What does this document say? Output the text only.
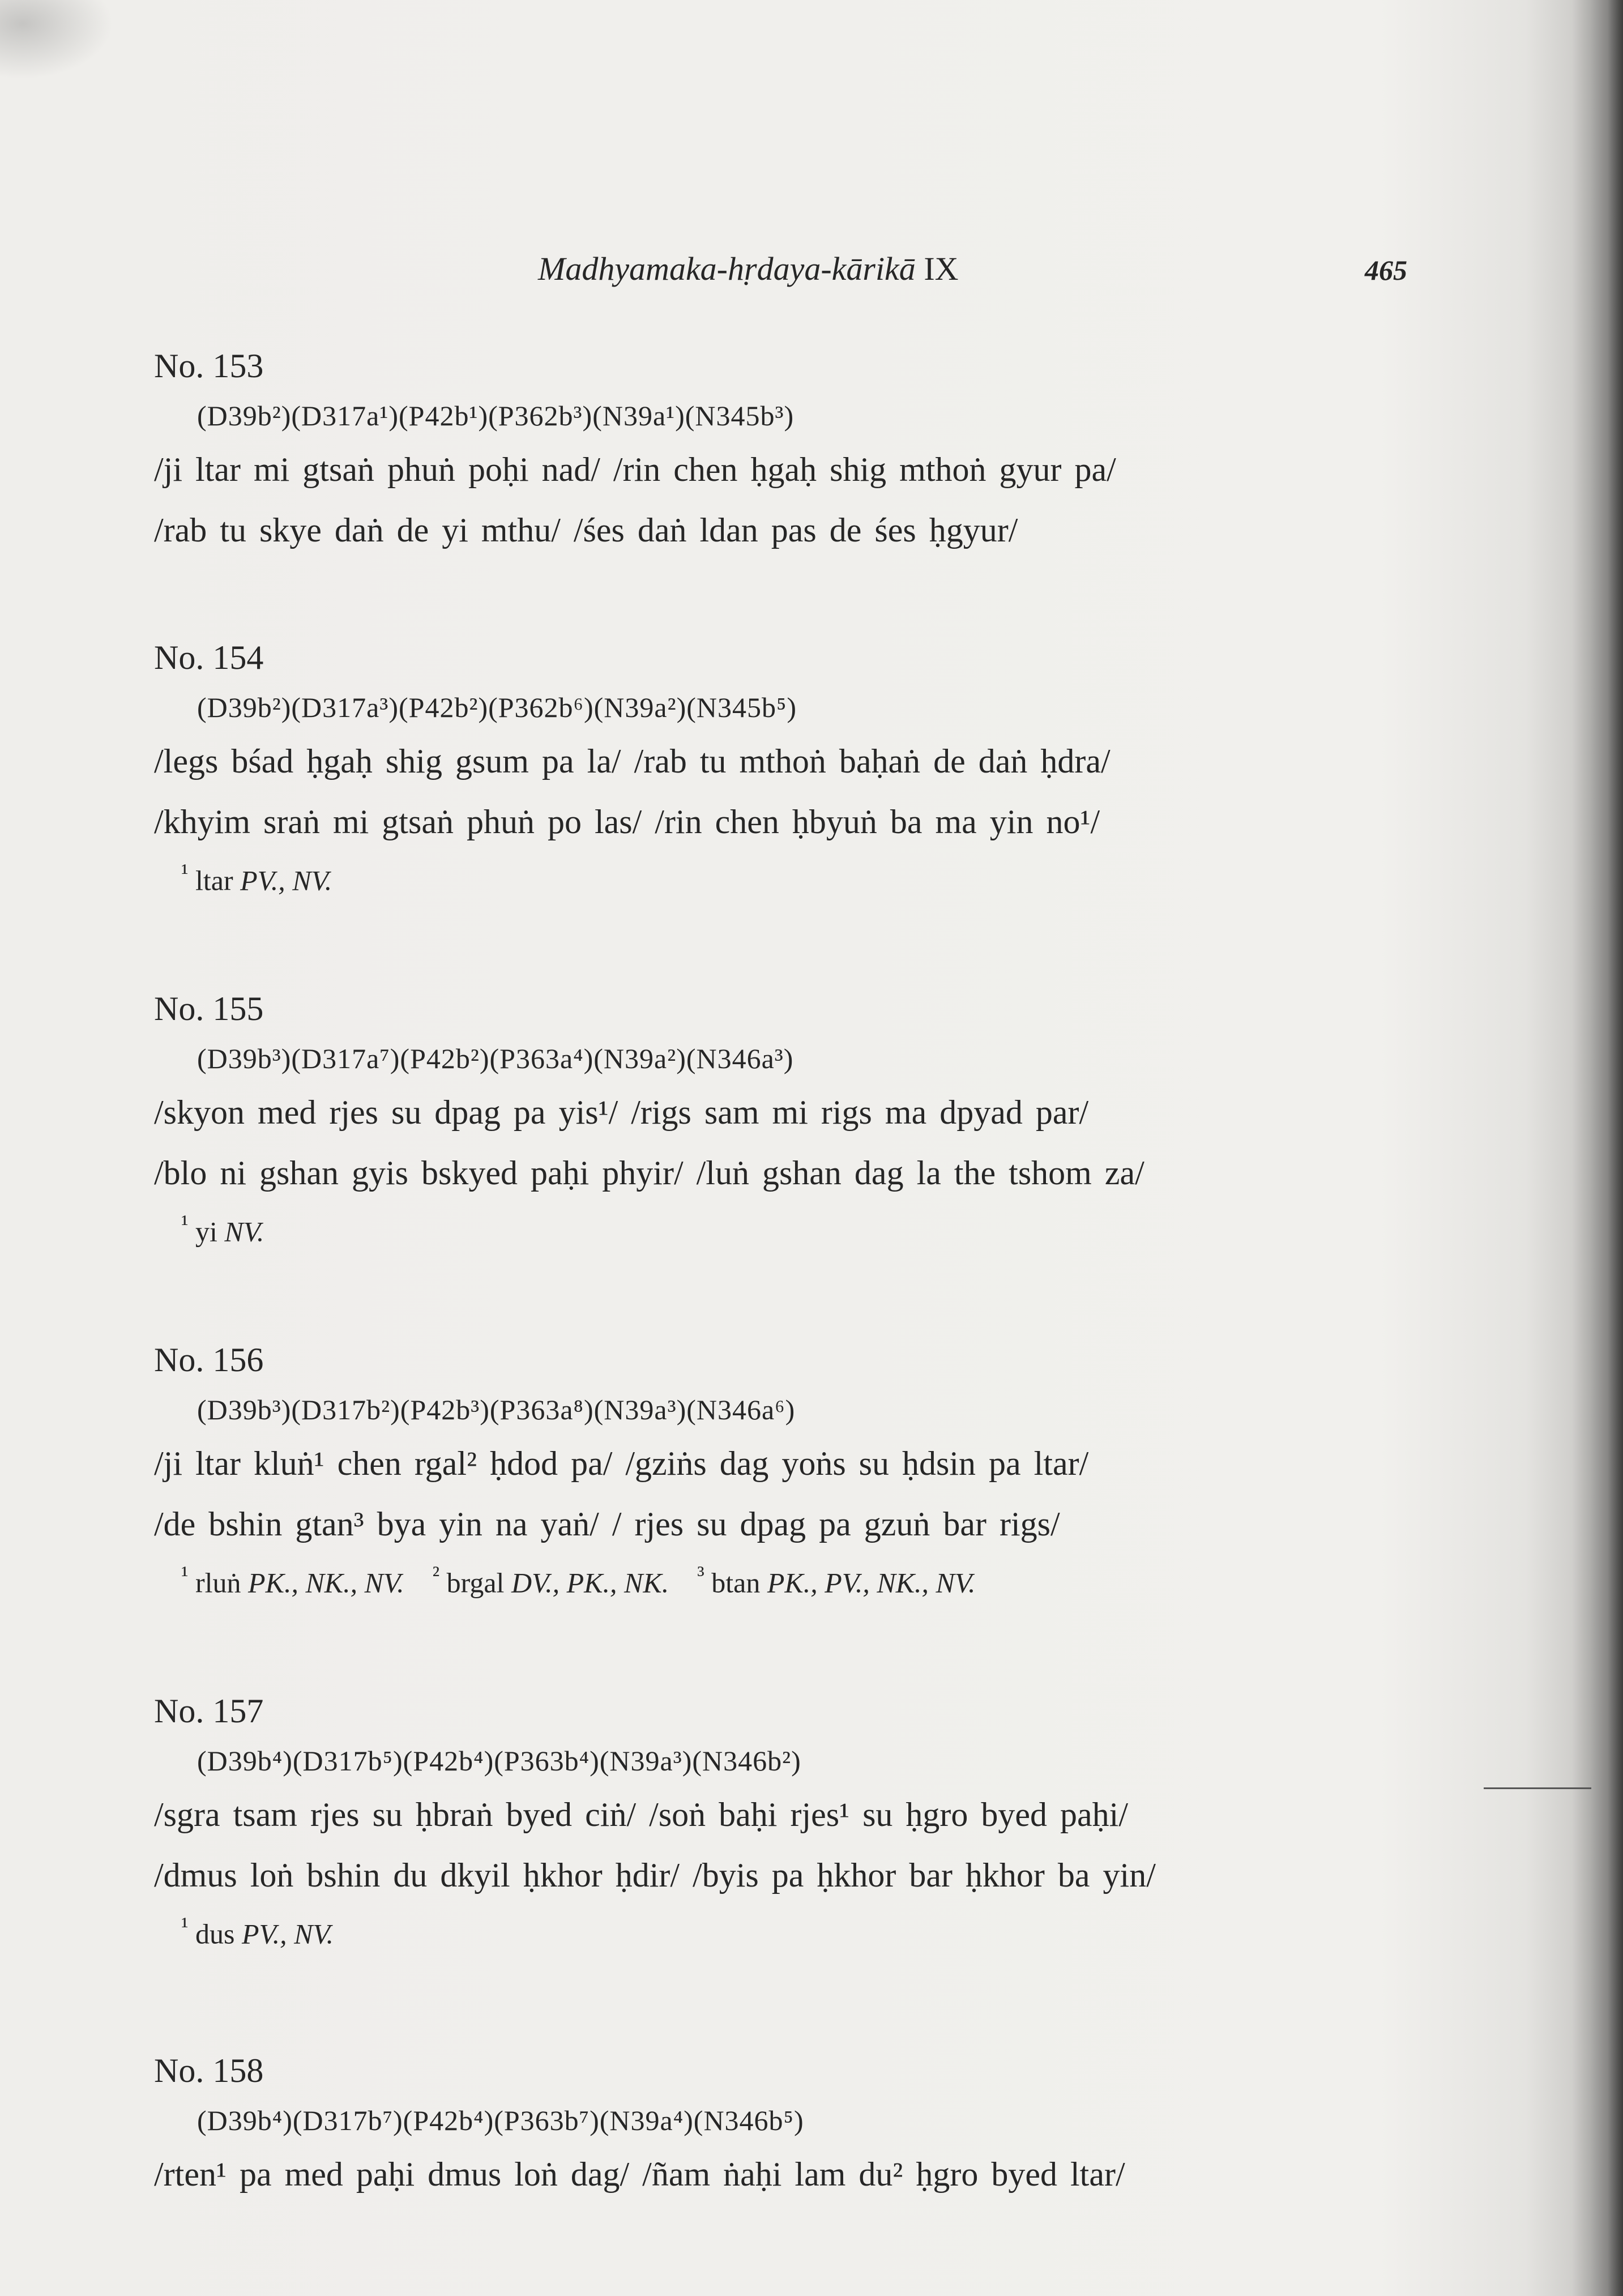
Madhyamaka-hṛdaya-kārikā IX	465
No. 153
(D39b²)(D317a¹)(P42b¹)(P362b³)(N39a¹)(N345b³)
/ji ltar mi gtsaṅ phuṅ poḥi nad/ /rin chen ḥgaḥ shig mthoṅ gyur pa/
/rab tu skye daṅ de yi mthu/ /śes daṅ ldan pas de śes ḥgyur/
No. 154
(D39b²)(D317a³)(P42b²)(P362b⁶)(N39a²)(N345b⁵)
/legs bśad ḥgaḥ shig gsum pa la/ /rab tu mthoṅ baḥaṅ de daṅ ḥdra/
/khyim sraṅ mi gtsaṅ phuṅ po las/ /rin chen ḥbyuṅ ba ma yin no¹/
$^{^1}$ ltar PV., NV.
No. 155
(D39b³)(D317a⁷)(P42b²)(P363a⁴)(N39a²)(N346a³)
/skyon med rjes su dpag pa yis¹/ /rigs sam mi rigs ma dpyad par/
/blo ni gshan gyis bskyed paḥi phyir/ /luṅ gshan dag la the tshom za/
$^{^1}$ yi NV.
No. 156
(D39b³)(D317b²)(P42b³)(P363a⁸)(N39a³)(N346a⁶)
/ji ltar kluṅ¹ chen rgal² ḥdod pa/ /gziṅs dag yoṅs su ḥdsin pa ltar/
/de bshin gtan³ bya yin na yaṅ/ / rjes su dpag pa gzuṅ bar rigs/
$^{^1}$ rluṅ PK., NK., NV. $^{^2}$ brgal DV., PK., NK. $^{^3}$ btan PK., PV., NK., NV.
No. 157
(D39b⁴)(D317b⁵)(P42b⁴)(P363b⁴)(N39a³)(N346b²)
/sgra tsam rjes su ḥbraṅ byed ciṅ/ /soṅ baḥi rjes¹ su ḥgro byed paḥi/
/dmus loṅ bshin du dkyil ḥkhor ḥdir/ /byis pa ḥkhor bar ḥkhor ba yin/
$^{^1}$ dus PV., NV.
No. 158
(D39b⁴)(D317b⁷)(P42b⁴)(P363b⁷)(N39a⁴)(N346b⁵)
/rten¹ pa med paḥi dmus loṅ dag/ /ñam ṅaḥi lam du² ḥgro byed ltar/
